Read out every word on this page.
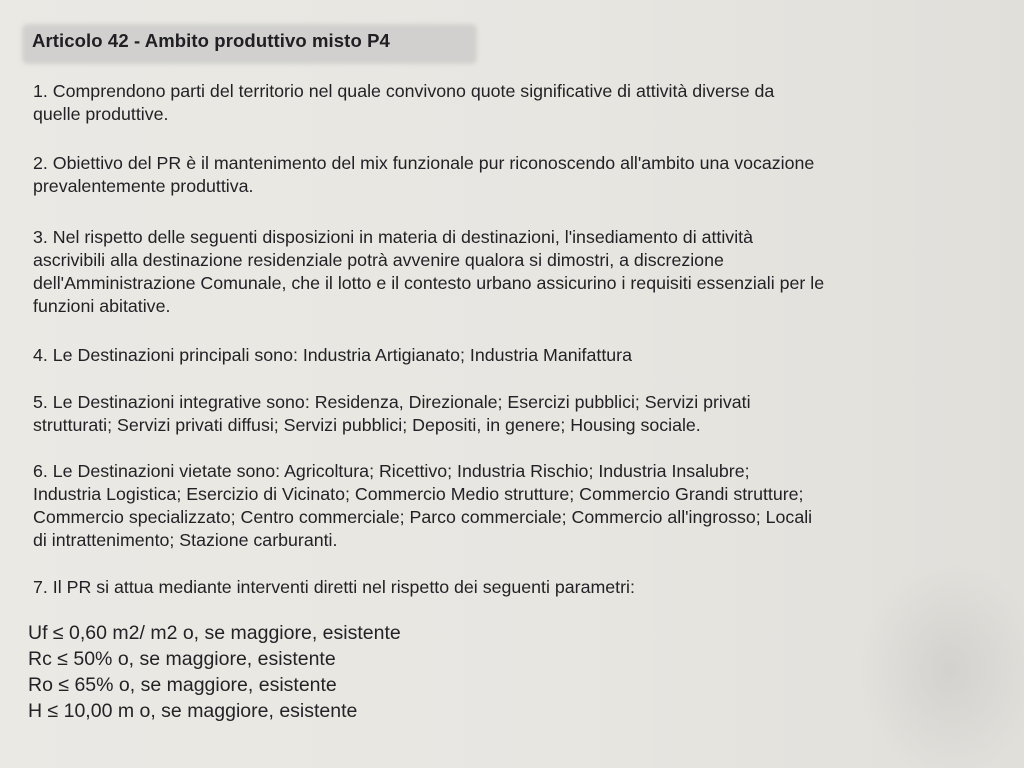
Articolo 42 - Ambito produttivo misto P4
1. Comprendono parti del territorio nel quale convivono quote significative di attività diverse da
quelle produttive.
2. Obiettivo del PR è il mantenimento del mix funzionale pur riconoscendo all'ambito una vocazione
prevalentemente produttiva.
3. Nel rispetto delle seguenti disposizioni in materia di destinazioni, l'insediamento di attività
ascrivibili alla destinazione residenziale potrà avvenire qualora si dimostri, a discrezione
dell'Amministrazione Comunale, che il lotto e il contesto urbano assicurino i requisiti essenziali per le
funzioni abitative.
4. Le Destinazioni principali sono: Industria Artigianato; Industria Manifattura
5. Le Destinazioni integrative sono: Residenza, Direzionale; Esercizi pubblici; Servizi privati
strutturati; Servizi privati diffusi; Servizi pubblici; Depositi, in genere; Housing sociale.
6. Le Destinazioni vietate sono: Agricoltura; Ricettivo; Industria Rischio; Industria Insalubre;
Industria Logistica; Esercizio di Vicinato; Commercio Medio strutture; Commercio Grandi strutture;
Commercio specializzato; Centro commerciale; Parco commerciale; Commercio all'ingrosso; Locali
di intrattenimento; Stazione carburanti.
7. Il PR si attua mediante interventi diretti nel rispetto dei seguenti parametri:
Uf ≤ 0,60 m2/ m2 o, se maggiore, esistente
Rc ≤ 50% o, se maggiore, esistente
Ro ≤ 65% o, se maggiore, esistente
H ≤ 10,00 m o, se maggiore, esistente
